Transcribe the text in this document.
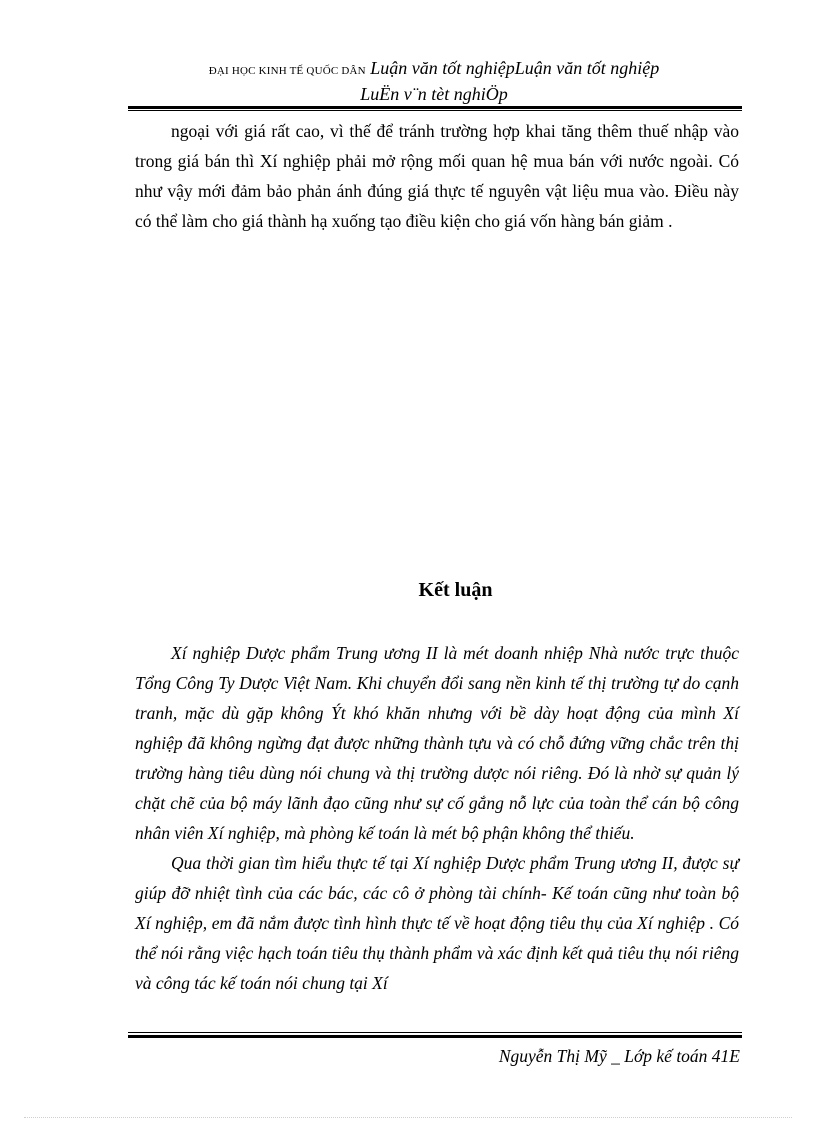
ĐẠI HỌC KINH TẾ QUỐC DÂN Luận văn tốt nghiệpLuận văn tốt nghiệp
LuËn v¨n tèt nghiÖp

ngoại với giá rất cao, vì thế để tránh trường hợp khai tăng thêm thuế nhập vào trong giá bán thì Xí nghiệp phải mở rộng mối quan hệ mua bán với nước ngoài. Có như vậy mới đảm bảo phản ánh đúng giá thực tế nguyên vật liệu mua vào. Điều này có thể làm cho giá thành hạ xuống tạo điều kiện cho giá vốn hàng bán giảm .

Kết luận

Xí nghiệp Dược phẩm Trung ương II là mét doanh nhiệp Nhà nước trực thuộc Tổng Công Ty Dược Việt Nam. Khi chuyển đổi sang nền kinh tế thị trường tự do cạnh tranh, mặc dù gặp không Ýt khó khăn nhưng với bề dày hoạt động của mình Xí nghiệp đã không ngừng đạt được những thành tựu và có chỗ đứng vững chắc trên thị trường hàng tiêu dùng nói chung và thị trường dược nói riêng. Đó là nhờ sự quản lý chặt chẽ của bộ máy lãnh đạo cũng như sự cố gắng nỗ lực của toàn thể cán bộ công nhân viên Xí nghiệp, mà phòng kế toán là mét bộ phận không thể thiếu.

Qua thời gian tìm hiểu thực tế tại Xí nghiệp Dược phẩm Trung ương II, được sự giúp đỡ nhiệt tình của các bác, các cô ở phòng tài chính- Kế toán cũng như toàn bộ Xí nghiệp, em đã nắm được tình hình thực tế về hoạt động tiêu thụ của Xí nghiệp . Có thể nói rằng việc hạch toán tiêu thụ thành phẩm và xác định kết quả tiêu thụ nói riêng và công tác kế toán nói chung tại Xí

Nguyễn Thị Mỹ _ Lớp kế toán 41E
